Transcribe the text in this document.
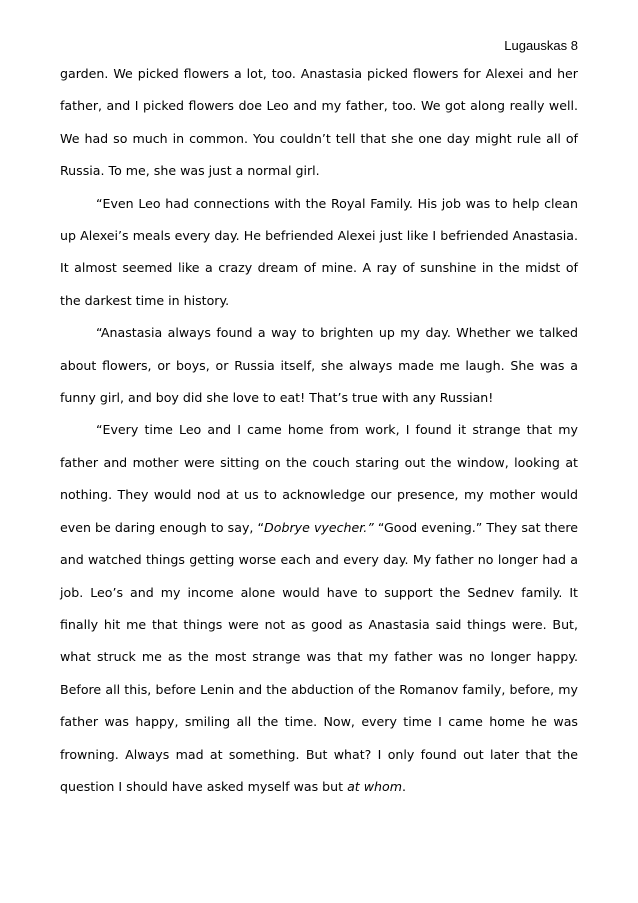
Lugauskas 8

garden. We picked flowers a lot, too. Anastasia picked flowers for Alexei and her father, and I picked flowers doe Leo and my father, too. We got along really well. We had so much in common. You couldn’t tell that she one day might rule all of Russia. To me, she was just a normal girl.

“Even Leo had connections with the Royal Family. His job was to help clean up Alexei’s meals every day. He befriended Alexei just like I befriended Anastasia. It almost seemed like a crazy dream of mine. A ray of sunshine in the midst of the darkest time in history.

“Anastasia always found a way to brighten up my day. Whether we talked about flowers, or boys, or Russia itself, she always made me laugh. She was a funny girl, and boy did she love to eat! That’s true with any Russian!

“Every time Leo and I came home from work, I found it strange that my father and mother were sitting on the couch staring out the window, looking at nothing. They would nod at us to acknowledge our presence, my mother would even be daring enough to say, “Dobrye vyecher.” “Good evening.” They sat there and watched things getting worse each and every day. My father no longer had a job. Leo’s and my income alone would have to support the Sednev family. It finally hit me that things were not as good as Anastasia said things were. But, what struck me as the most strange was that my father was no longer happy. Before all this, before Lenin and the abduction of the Romanov family, before, my father was happy, smiling all the time. Now, every time I came home he was frowning. Always mad at something. But what? I only found out later that the question I should have asked myself was but at whom.
